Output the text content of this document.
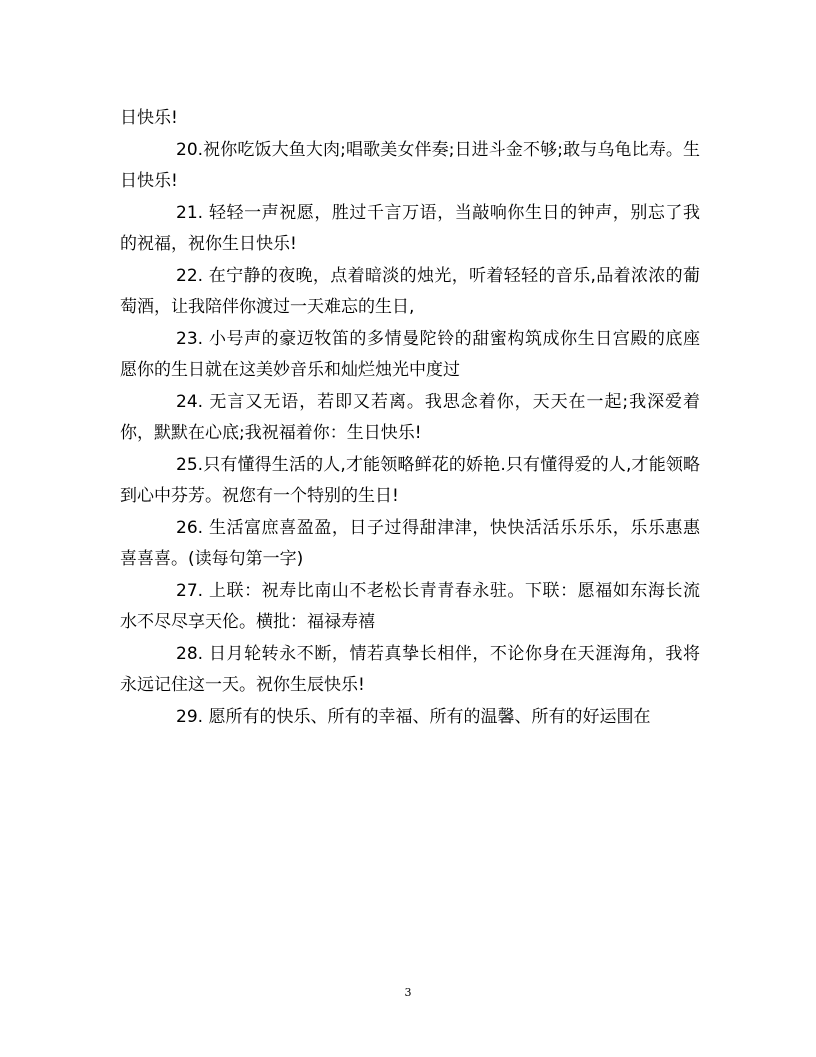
日快乐!

20.祝你吃饭大鱼大肉;唱歌美女伴奏;日进斗金不够;敢与乌龟比寿。生日快乐!

21. 轻轻一声祝愿，胜过千言万语，当敲响你生日的钟声，别忘了我的祝福，祝你生日快乐!

22. 在宁静的夜晚，点着暗淡的烛光，听着轻轻的音乐,品着浓浓的葡萄酒，让我陪伴你渡过一天难忘的生日,

23. 小号声的豪迈牧笛的多情曼陀铃的甜蜜构筑成你生日宫殿的底座愿你的生日就在这美妙音乐和灿烂烛光中度过

24. 无言又无语，若即又若离。我思念着你，天天在一起;我深爱着你，默默在心底;我祝福着你：生日快乐!

25.只有懂得生活的人,才能领略鲜花的娇艳.只有懂得爱的人,才能领略到心中芬芳。祝您有一个特别的生日!

26. 生活富庶喜盈盈，日子过得甜津津，快快活活乐乐乐，乐乐惠惠喜喜喜。(读每句第一字)

27. 上联：祝寿比南山不老松长青青春永驻。下联：愿福如东海长流水不尽尽享天伦。横批：福禄寿禧

28. 日月轮转永不断，情若真挚长相伴，不论你身在天涯海角，我将永远记住这一天。祝你生辰快乐!

29. 愿所有的快乐、所有的幸福、所有的温馨、所有的好运围在

3
